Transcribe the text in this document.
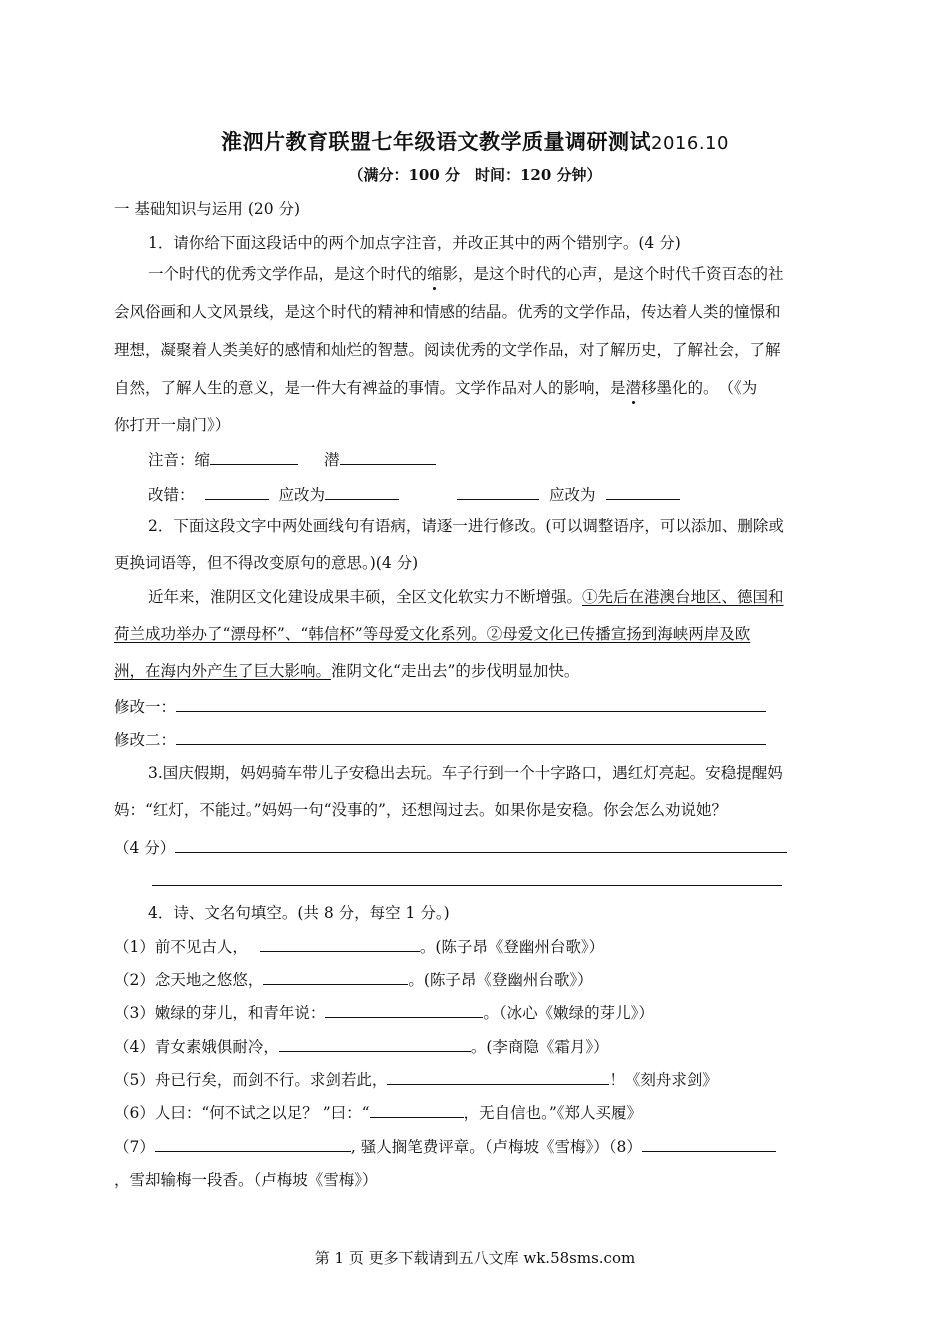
淮泗片教育联盟七年级语文教学质量调研测试2016.10
（满分：100 分　时间：120 分钟）
一 基础知识与运用 (20 分)
1．请你给下面这段话中的两个加点字注音，并改正其中的两个错别字。(4 分)
一个时代的优秀文学作品，是这个时代的缩影，是这个时代的心声，是这个时代千资百态的社
会风俗画和人文风景线，是这个时代的精神和情感的结晶。优秀的文学作品，传达着人类的憧憬和
理想，凝聚着人类美好的感情和灿烂的智慧。阅读优秀的文学作品，对了解历史，了解社会，了解
自然，了解人生的意义，是一件大有裨益的事情。文学作品对人的影响，是潜移墨化的。　（《为
你打开一扇门》）
注音：缩	潜
改错：	应改为	应改为
2．下面这段文字中两处画线句有语病，请逐一进行修改。(可以调整语序，可以添加、删除或
更换词语等，但不得改变原句的意思。)(4 分)
近年来，淮阴区文化建设成果丰硕，全区文化软实力不断增强。①先后在港澳台地区、德国和
荷兰成功举办了“漂母杯”、“韩信杯”等母爱文化系列。②母爱文化已传播宣扬到海峡两岸及欧
洲，在海内外产生了巨大影响。淮阴文化“走出去”的步伐明显加快。
修改一：
修改二：
3.国庆假期，妈妈骑车带儿子安稳出去玩。车子行到一个十字路口，遇红灯亮起。安稳提醒妈
妈：“红灯，不能过。”妈妈一句“没事的”，还想闯过去。如果你是安稳。你会怎么劝说她？
（4 分）
4．诗、文名句填空。(共 8 分，每空 1 分。)
（1）前不见古人，	。(陈子昂《登幽州台歌》）
（2）念天地之悠悠，	。(陈子昂《登幽州台歌》）
（3）嫩绿的芽儿，和青年说：	。（冰心《嫩绿的芽儿》）
（4）青女素娥俱耐冷，	。(李商隐《霜月》）
（5）舟已行矣，而剑不行。求剑若此，	！《刻舟求剑》
（6）人曰：“何不试之以足？ ”曰：“	，无自信也。”《郑人买履》
（7）	, 骚人搁笔费评章。（卢梅坡《雪梅》）（8）
，雪却输梅一段香。（卢梅坡《雪梅》）
第 1 页 更多下载请到五八文库 wk.58sms.com
